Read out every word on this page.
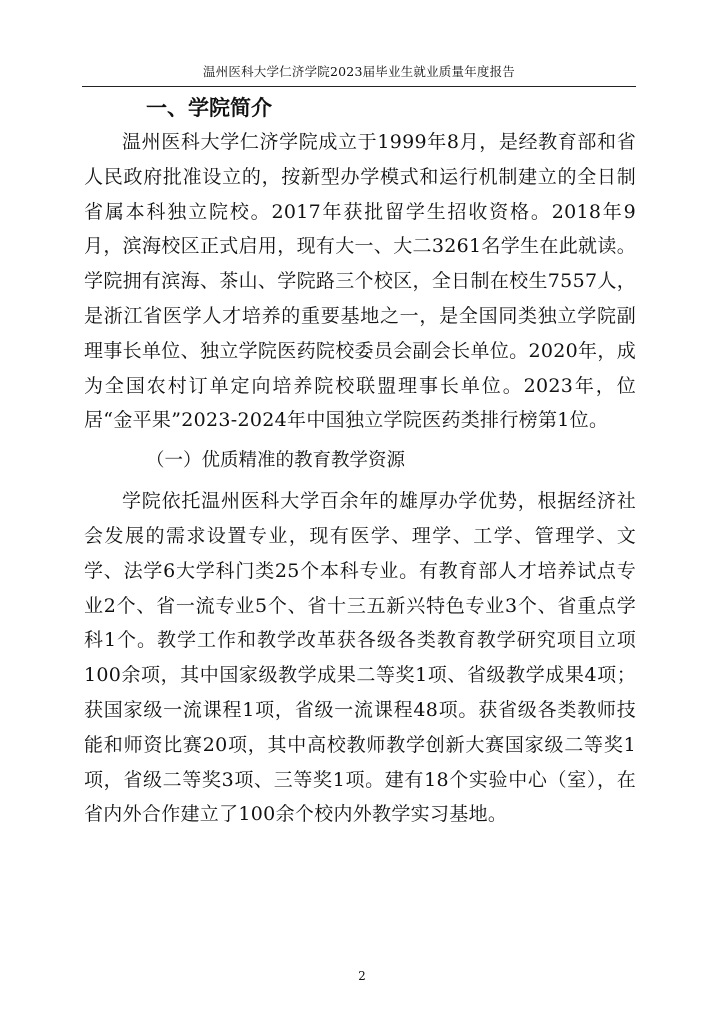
温州医科大学仁济学院2023届毕业生就业质量年度报告
一、学院简介

温州医科大学仁济学院成立于1999年8月，是经教育部和省人民政府批准设立的，按新型办学模式和运行机制建立的全日制省属本科独立院校。2017年获批留学生招收资格。2018年9月，滨海校区正式启用，现有大一、大二3261名学生在此就读。学院拥有滨海、茶山、学院路三个校区，全日制在校生7557人，是浙江省医学人才培养的重要基地之一，是全国同类独立学院副理事长单位、独立学院医药院校委员会副会长单位。2020年，成为全国农村订单定向培养院校联盟理事长单位。2023年，位居“金平果”2023-2024年中国独立学院医药类排行榜第1位。

（一）优质精准的教育教学资源

学院依托温州医科大学百余年的雄厚办学优势，根据经济社会发展的需求设置专业，现有医学、理学、工学、管理学、文学、法学6大学科门类25个本科专业。有教育部人才培养试点专业2个、省一流专业5个、省十三五新兴特色专业3个、省重点学科1个。教学工作和教学改革获各级各类教育教学研究项目立项100余项，其中国家级教学成果二等奖1项、省级教学成果4项；获国家级一流课程1项，省级一流课程48项。获省级各类教师技能和师资比赛20项，其中高校教师教学创新大赛国家级二等奖1项，省级二等奖3项、三等奖1项。建有18个实验中心（室），在省内外合作建立了100余个校内外教学实习基地。

2
